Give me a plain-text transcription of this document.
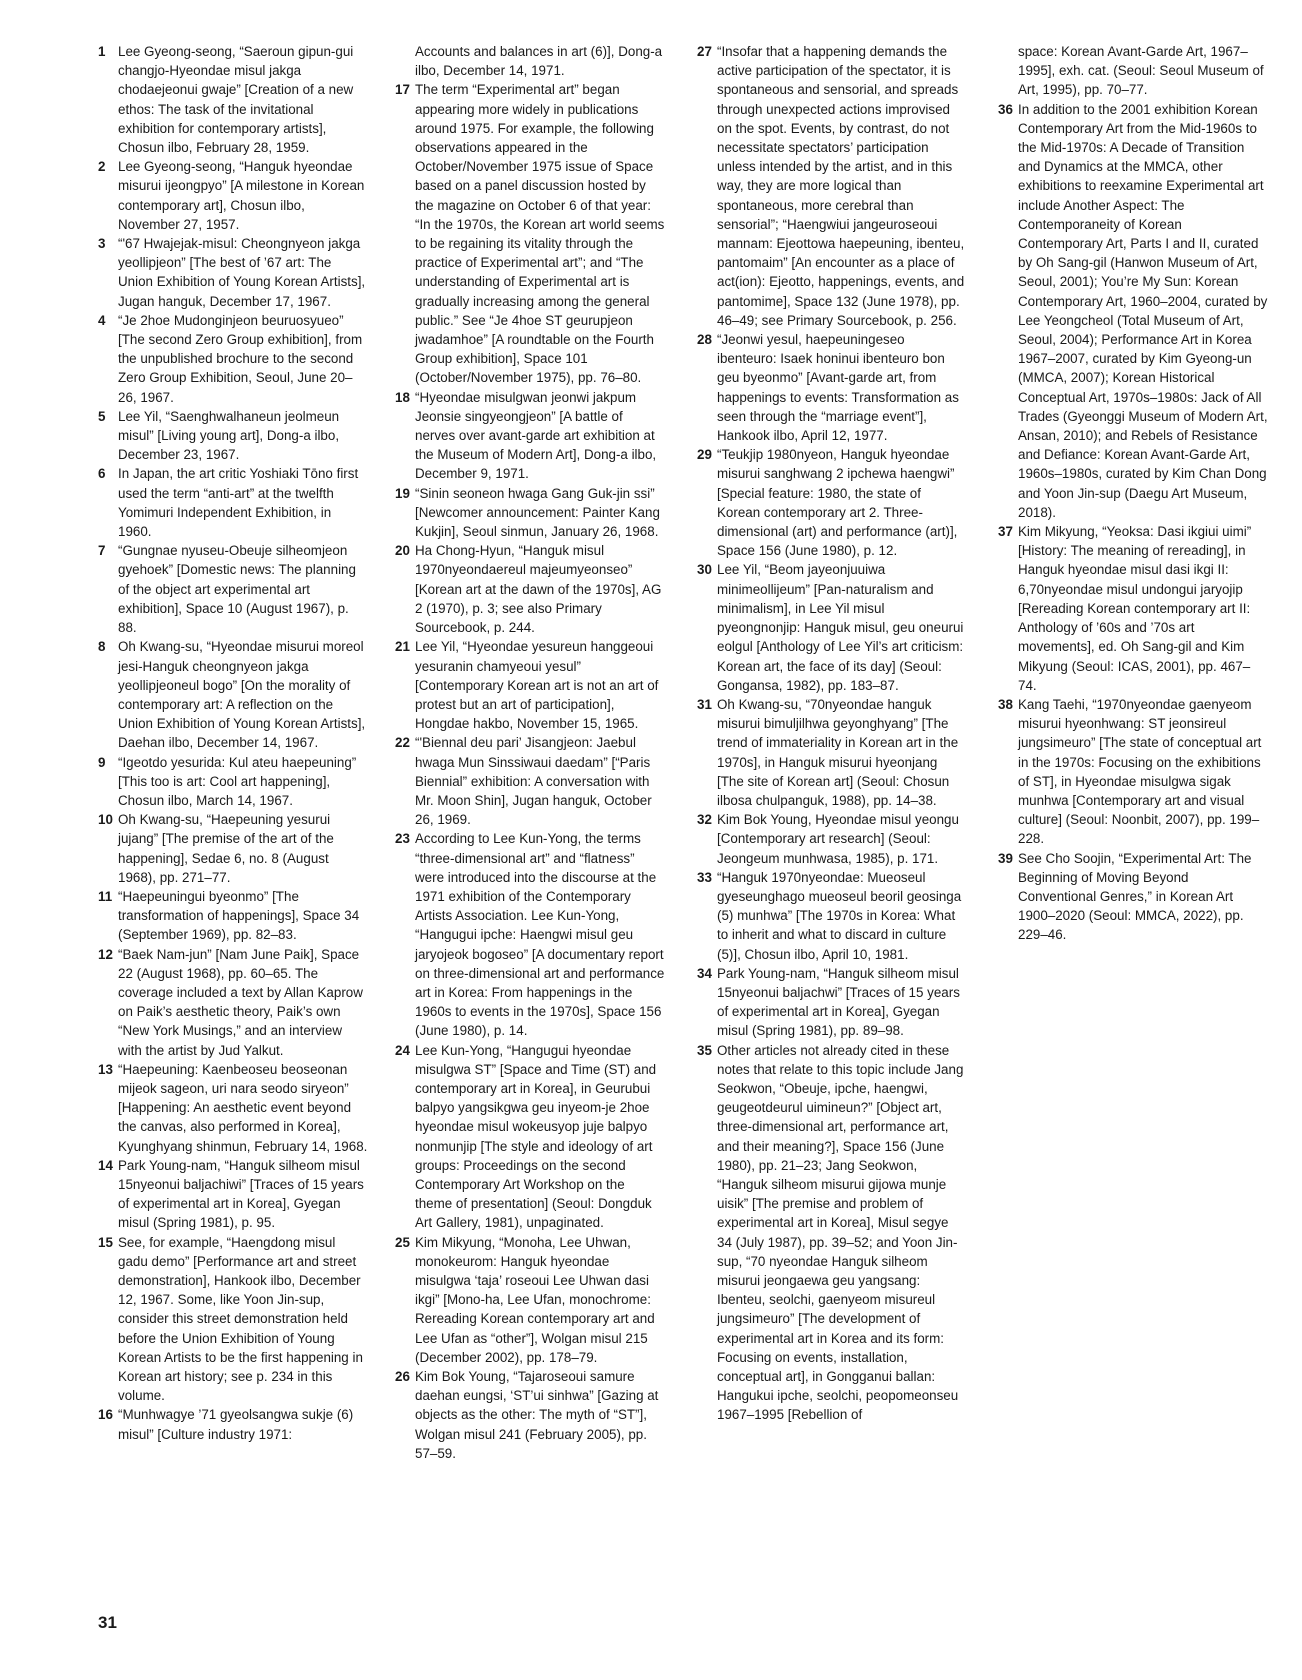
1 Lee Gyeong-seong, “Saeroun gipun-gui changjo-Hyeondae misul jakga chodaejeonui gwaje” [Creation of a new ethos: The task of the invitational exhibition for contemporary artists], Chosun ilbo, February 28, 1959.
2 Lee Gyeong-seong, “Hanguk hyeondae misurui ijeongpyo” [A milestone in Korean contemporary art], Chosun ilbo, November 27, 1957.
3 “'67 Hwajejak-misul: Cheongnyeon jakga yeollipjeon” [The best of ’67 art: The Union Exhibition of Young Korean Artists], Jugan hanguk, December 17, 1967.
4 “Je 2hoe Mudonginjeon beuruosyueo” [The second Zero Group exhibition], from the unpublished brochure to the second Zero Group Exhibition, Seoul, June 20–26, 1967.
5 Lee Yil, “Saenghwalhaneun jeolmeun misul” [Living young art], Dong-a ilbo, December 23, 1967.
6 In Japan, the art critic Yoshiaki Tōno first used the term “anti-art” at the twelfth Yomimuri Independent Exhibition, in 1960.
7 “Gungnae nyuseu-Obeuje silheomjeon gyehoek” [Domestic news: The planning of the object art experimental art exhibition], Space 10 (August 1967), p. 88.
8 Oh Kwang-su, “Hyeondae misurui moreol jesi-Hanguk cheongnyeon jakga yeollipjeoneul bogo” [On the morality of contemporary art: A reflection on the Union Exhibition of Young Korean Artists], Daehan ilbo, December 14, 1967.
9 “Igeotdo yesurida: Kul ateu haepeuning” [This too is art: Cool art happening], Chosun ilbo, March 14, 1967.
10 Oh Kwang-su, “Haepeuning yesurui jujang” [The premise of the art of the happening], Sedae 6, no. 8 (August 1968), pp. 271–77.
11 “Haepeuningui byeonmo” [The transformation of happenings], Space 34 (September 1969), pp. 82–83.
12 “Baek Nam-jun” [Nam June Paik], Space 22 (August 1968), pp. 60–65. The coverage included a text by Allan Kaprow on Paik’s aesthetic theory, Paik’s own “New York Musings,” and an interview with the artist by Jud Yalkut.
13 “Haepeuning: Kaenbeoseu beoseonan mijeok sageon, uri nara seodo siryeon” [Happening: An aesthetic event beyond the canvas, also performed in Korea], Kyunghyang shinmun, February 14, 1968.
14 Park Young-nam, “Hanguk silheom misul 15nyeonui baljachiwi” [Traces of 15 years of experimental art in Korea], Gyegan misul (Spring 1981), p. 95.
15 See, for example, “Haengdong misul gadu demo” [Performance art and street demonstration], Hankook ilbo, December 12, 1967. Some, like Yoon Jin-sup, consider this street demonstration held before the Union Exhibition of Young Korean Artists to be the first happening in Korean art history; see p. 234 in this volume.
16 “Munhwagye ’71 gyeolsangwa sukje (6) misul” [Culture industry 1971:
Accounts and balances in art (6)], Dong-a ilbo, December 14, 1971.
17 The term “Experimental art” began appearing more widely in publications around 1975. For example, the following observations appeared in the October/November 1975 issue of Space based on a panel discussion hosted by the magazine on October 6 of that year: “In the 1970s, the Korean art world seems to be regaining its vitality through the practice of Experimental art”; and “The understanding of Experimental art is gradually increasing among the general public.” See “Je 4hoe ST geurupjeon jwadamhoe” [A roundtable on the Fourth Group exhibition], Space 101 (October/November 1975), pp. 76–80.
18 “Hyeondae misulgwan jeonwi jakpum Jeonsie singyeongjeon” [A battle of nerves over avant-garde art exhibition at the Museum of Modern Art], Dong-a ilbo, December 9, 1971.
19 “Sinin seoneon hwaga Gang Guk-jin ssi” [Newcomer announcement: Painter Kang Kukjin], Seoul sinmun, January 26, 1968.
20 Ha Chong-Hyun, “Hanguk misul 1970nyeondaereul majeumyeonseo” [Korean art at the dawn of the 1970s], AG 2 (1970), p. 3; see also Primary Sourcebook, p. 244.
21 Lee Yil, “Hyeondae yesureun hanggeoui yesuranin chamyeoui yesul” [Contemporary Korean art is not an art of protest but an art of participation], Hongdae hakbo, November 15, 1965.
22 “'Biennal deu pari’ Jisangjeon: Jaebul hwaga Mun Sinssiwaui daedam” [“Paris Biennial” exhibition: A conversation with Mr. Moon Shin], Jugan hanguk, October 26, 1969.
23 According to Lee Kun-Yong, the terms “three-dimensional art” and “flatness” were introduced into the discourse at the 1971 exhibition of the Contemporary Artists Association. Lee Kun-Yong, “Hangugui ipche: Haengwi misul geu jaryojeok bogoseo” [A documentary report on three-dimensional art and performance art in Korea: From happenings in the 1960s to events in the 1970s], Space 156 (June 1980), p. 14.
24 Lee Kun-Yong, “Hangugui hyeondae misulgwa ST” [Space and Time (ST) and contemporary art in Korea], in Geurubui balpyo yangsikgwa geu inyeom-je 2hoe hyeondae misul wokeusyop juje balpyo nonmunjip [The style and ideology of art groups: Proceedings on the second Contemporary Art Workshop on the theme of presentation] (Seoul: Dongduk Art Gallery, 1981), unpaginated.
25 Kim Mikyung, “Monoha, Lee Uhwan, monokeurom: Hanguk hyeondae misulgwa ‘taja’ roseoui Lee Uhwan dasi ikgi” [Mono-ha, Lee Ufan, monochrome: Rereading Korean contemporary art and Lee Ufan as “other”], Wolgan misul 215 (December 2002), pp. 178–79.
26 Kim Bok Young, “Tajaroseoui samure daehan eungsi, ‘ST’ui sinhwa” [Gazing at objects as the other: The myth of “ST”], Wolgan misul 241 (February 2005), pp. 57–59.
27 “Insofar that a happening demands the active participation of the spectator, it is spontaneous and sensorial, and spreads through unexpected actions improvised on the spot. Events, by contrast, do not necessitate spectators’ participation unless intended by the artist, and in this way, they are more logical than spontaneous, more cerebral than sensorial”; “Haengwiui jangeuroseoui mannam: Ejeottowa haepeuning, ibenteu, pantomaim” [An encounter as a place of act(ion): Ejeotto, happenings, events, and pantomime], Space 132 (June 1978), pp. 46–49; see Primary Sourcebook, p. 256.
28 “Jeonwi yesul, haepeuningeseo ibenteuro: Isaek honinui ibenteuro bon geu byeonmo” [Avant-garde art, from happenings to events: Transformation as seen through the “marriage event”], Hankook ilbo, April 12, 1977.
29 “Teukjip 1980nyeon, Hanguk hyeondae misurui sanghwang 2 ipchewa haengwi” [Special feature: 1980, the state of Korean contemporary art 2. Three-dimensional (art) and performance (art)], Space 156 (June 1980), p. 12.
30 Lee Yil, “Beom jayeonjuuiwa minimeollijeum” [Pan-naturalism and minimalism], in Lee Yil misul pyeongnonjip: Hanguk misul, geu oneurui eolgul [Anthology of Lee Yil’s art criticism: Korean art, the face of its day] (Seoul: Gongansa, 1982), pp. 183–87.
31 Oh Kwang-su, “70nyeondae hanguk misurui bimuljilhwa geyonghyang” [The trend of immateriality in Korean art in the 1970s], in Hanguk misurui hyeonjang [The site of Korean art] (Seoul: Chosun ilbosa chulpanguk, 1988), pp. 14–38.
32 Kim Bok Young, Hyeondae misul yeongu [Contemporary art research] (Seoul: Jeongeum munhwasa, 1985), p. 171.
33 “Hanguk 1970nyeondae: Mueoseul gyeseunghago mueoseul beoril geosinga (5) munhwa” [The 1970s in Korea: What to inherit and what to discard in culture (5)], Chosun ilbo, April 10, 1981.
34 Park Young-nam, “Hanguk silheom misul 15nyeonui baljachwi” [Traces of 15 years of experimental art in Korea], Gyegan misul (Spring 1981), pp. 89–98.
35 Other articles not already cited in these notes that relate to this topic include Jang Seokwon, “Obeuje, ipche, haengwi, geugeotdeurul uimineun?” [Object art, three-dimensional art, performance art, and their meaning?], Space 156 (June 1980), pp. 21–23; Jang Seokwon, “Hanguk silheom misurui gijowa munje uisik” [The premise and problem of experimental art in Korea], Misul segye 34 (July 1987), pp. 39–52; and Yoon Jin-sup, “70 nyeondae Hanguk silheom misurui jeongaewa geu yangsang: Ibenteu, seolchi, gaenyeom misureul jungsimeuro” [The development of experimental art in Korea and its form: Focusing on events, installation, conceptual art], in Gongganui ballan: Hangukui ipche, seolchi, peopomeonseu 1967–1995 [Rebellion of
space: Korean Avant-Garde Art, 1967–1995], exh. cat. (Seoul: Seoul Museum of Art, 1995), pp. 70–77.
36 In addition to the 2001 exhibition Korean Contemporary Art from the Mid-1960s to the Mid-1970s: A Decade of Transition and Dynamics at the MMCA, other exhibitions to reexamine Experimental art include Another Aspect: The Contemporaneity of Korean Contemporary Art, Parts I and II, curated by Oh Sang-gil (Hanwon Museum of Art, Seoul, 2001); You’re My Sun: Korean Contemporary Art, 1960–2004, curated by Lee Yeongcheol (Total Museum of Art, Seoul, 2004); Performance Art in Korea 1967–2007, curated by Kim Gyeong-un (MMCA, 2007); Korean Historical Conceptual Art, 1970s–1980s: Jack of All Trades (Gyeonggi Museum of Modern Art, Ansan, 2010); and Rebels of Resistance and Defiance: Korean Avant-Garde Art, 1960s–1980s, curated by Kim Chan Dong and Yoon Jin-sup (Daegu Art Museum, 2018).
37 Kim Mikyung, “Yeoksa: Dasi ikgiui uimi” [History: The meaning of rereading], in Hanguk hyeondae misul dasi ikgi II: 6,70nyeondae misul undongui jaryojip [Rereading Korean contemporary art II: Anthology of ’60s and ’70s art movements], ed. Oh Sang-gil and Kim Mikyung (Seoul: ICAS, 2001), pp. 467–74.
38 Kang Taehi, “1970nyeondae gaenyeom misurui hyeonhwang: ST jeonsireul jungsimeuro” [The state of conceptual art in the 1970s: Focusing on the exhibitions of ST], in Hyeondae misulgwa sigak munhwa [Contemporary art and visual culture] (Seoul: Noonbit, 2007), pp. 199–228.
39 See Cho Soojin, “Experimental Art: The Beginning of Moving Beyond Conventional Genres,” in Korean Art 1900–2020 (Seoul: MMCA, 2022), pp. 229–46.
31
